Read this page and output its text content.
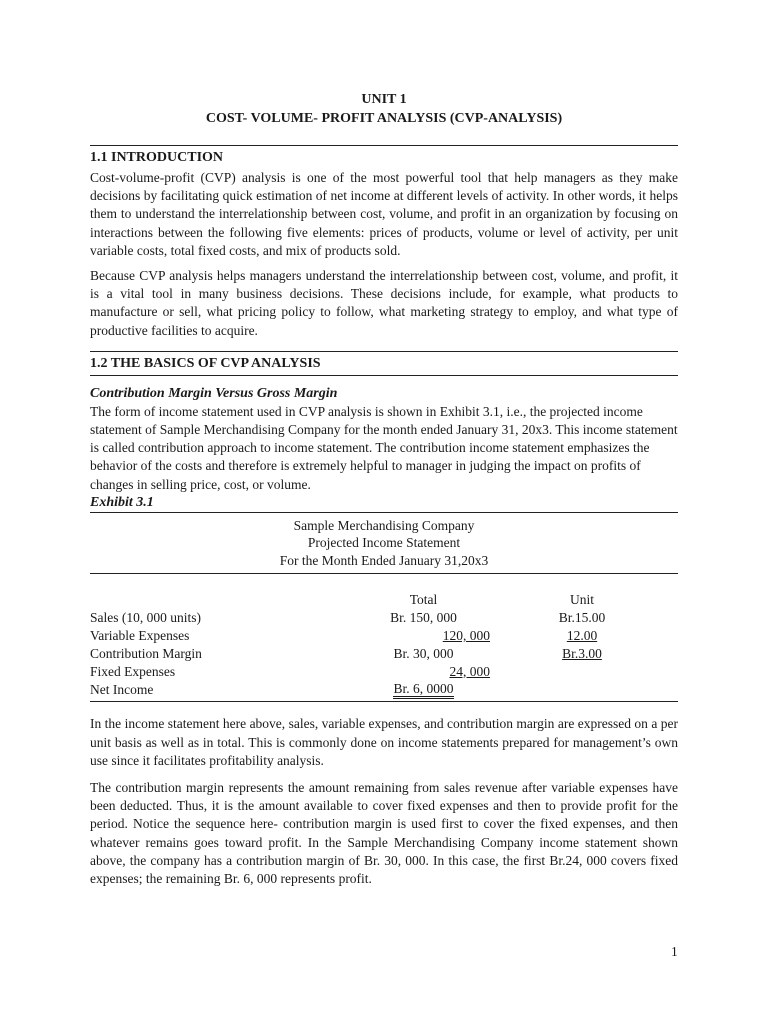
UNIT 1
COST- VOLUME- PROFIT ANALYSIS (CVP-ANALYSIS)
1.1 INTRODUCTION

Cost-volume-profit (CVP) analysis is one of the most powerful tool that help managers as they make decisions by facilitating quick estimation of net income at different levels of activity. In other words, it helps them to understand the interrelationship between cost, volume, and profit in an organization by focusing on interactions between the following five elements: prices of products, volume or level of activity, per unit variable costs, total fixed costs, and mix of products sold.

Because CVP analysis helps managers understand the interrelationship between cost, volume, and profit, it is a vital tool in many business decisions. These decisions include, for example, what products to manufacture or sell, what pricing policy to follow, what marketing strategy to employ, and what type of productive facilities to acquire.

1.2 THE BASICS OF CVP ANALYSIS
Contribution Margin Versus Gross Margin

The form of income statement used in CVP analysis is shown in Exhibit 3.1, i.e., the projected income statement of Sample Merchandising Company for the month ended January 31, 20x3. This income statement is called contribution approach to income statement. The contribution income statement emphasizes the behavior of the costs and therefore is extremely helpful to manager in judging the impact on profits of changes in selling price, cost, or volume.

Exhibit 3.1
Sample Merchandising Company
Projected Income Statement
For the Month Ended January 31,20x3
	Total	Unit	
Sales (10, 000 units)	Br. 150, 000	Br.15.00	
Variable Expenses	120, 000	12.00	
Contribution Margin	Br. 30, 000	Br.3.00	
Fixed Expenses	24, 000		
Net Income	Br. 6, 0000		

In the income statement here above, sales, variable expenses, and contribution margin are expressed on a per unit basis as well as in total. This is commonly done on income statements prepared for management’s own use since it facilitates profitability analysis.

The contribution margin represents the amount remaining from sales revenue after variable expenses have been deducted. Thus, it is the amount available to cover fixed expenses and then to provide profit for the period. Notice the sequence here- contribution margin is used first to cover the fixed expenses, and then whatever remains goes toward profit. In the Sample Merchandising Company income statement shown above, the company has a contribution margin of Br. 30, 000. In this case, the first Br.24, 000 covers fixed expenses; the remaining Br. 6, 000 represents profit.

1
